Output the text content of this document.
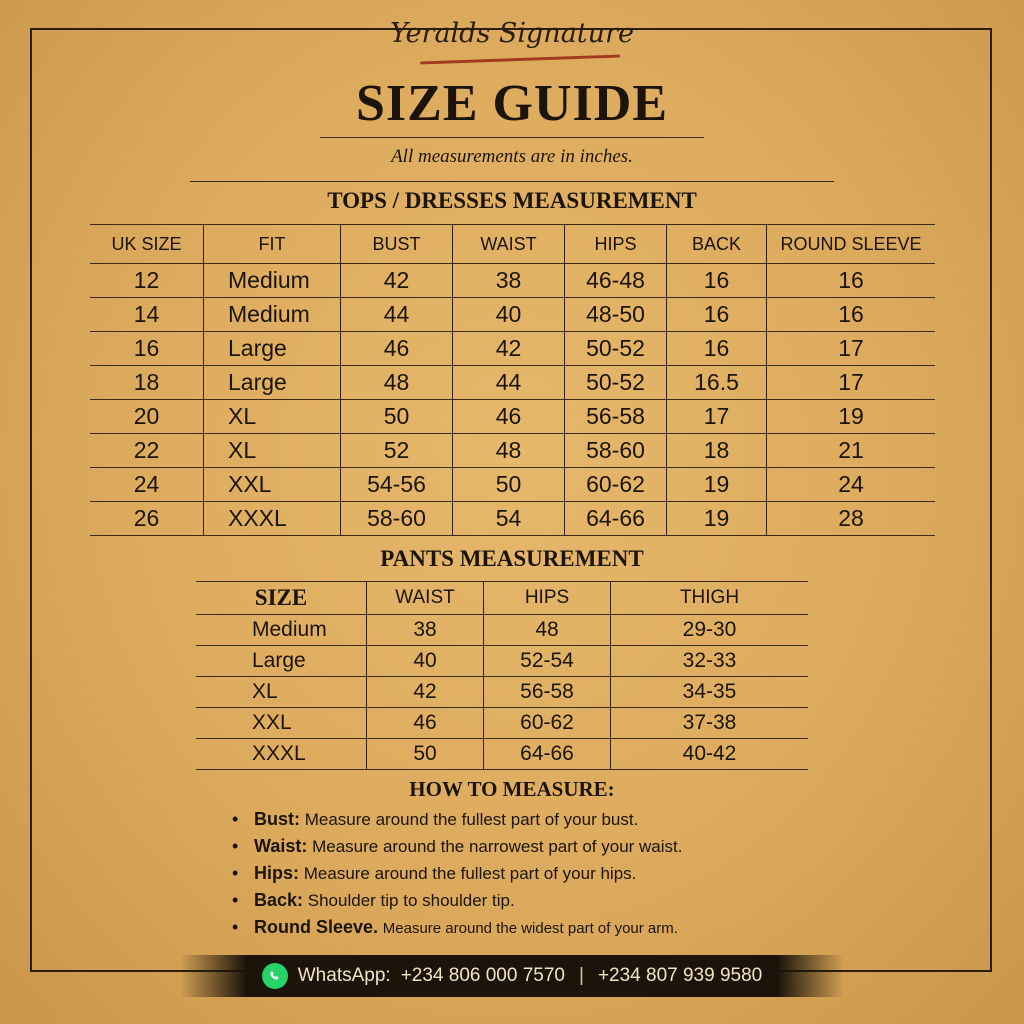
Yeralds Signature
SIZE GUIDE
All measurements are in inches.
TOPS / DRESSES MEASUREMENT
UK SIZE	FIT	BUST	WAIST	HIPS	BACK	ROUND SLEEVE
12	Medium	42	38	46-48	16	16
14	Medium	44	40	48-50	16	16
16	Large	46	42	50-52	16	17
18	Large	48	44	50-52	16.5	17
20	XL	50	46	56-58	17	19
22	XL	52	48	58-60	18	21
24	XXL	54-56	50	60-62	19	24
26	XXXL	58-60	54	64-66	19	28
PANTS MEASUREMENT
SIZE	WAIST	HIPS	THIGH
Medium	38	48	29-30
Large	40	52-54	32-33
XL	42	56-58	34-35
XXL	46	60-62	37-38
XXXL	50	64-66	40-42
HOW TO MEASURE:
• Bust: Measure around the fullest part of your bust.
• Waist: Measure around the narrowest part of your waist.
• Hips: Measure around the fullest part of your hips.
• Back: Shoulder tip to shoulder tip.
• Round Sleeve. Measure around the widest part of your arm.
WhatsApp: +234 806 000 7570 | +234 807 939 9580
